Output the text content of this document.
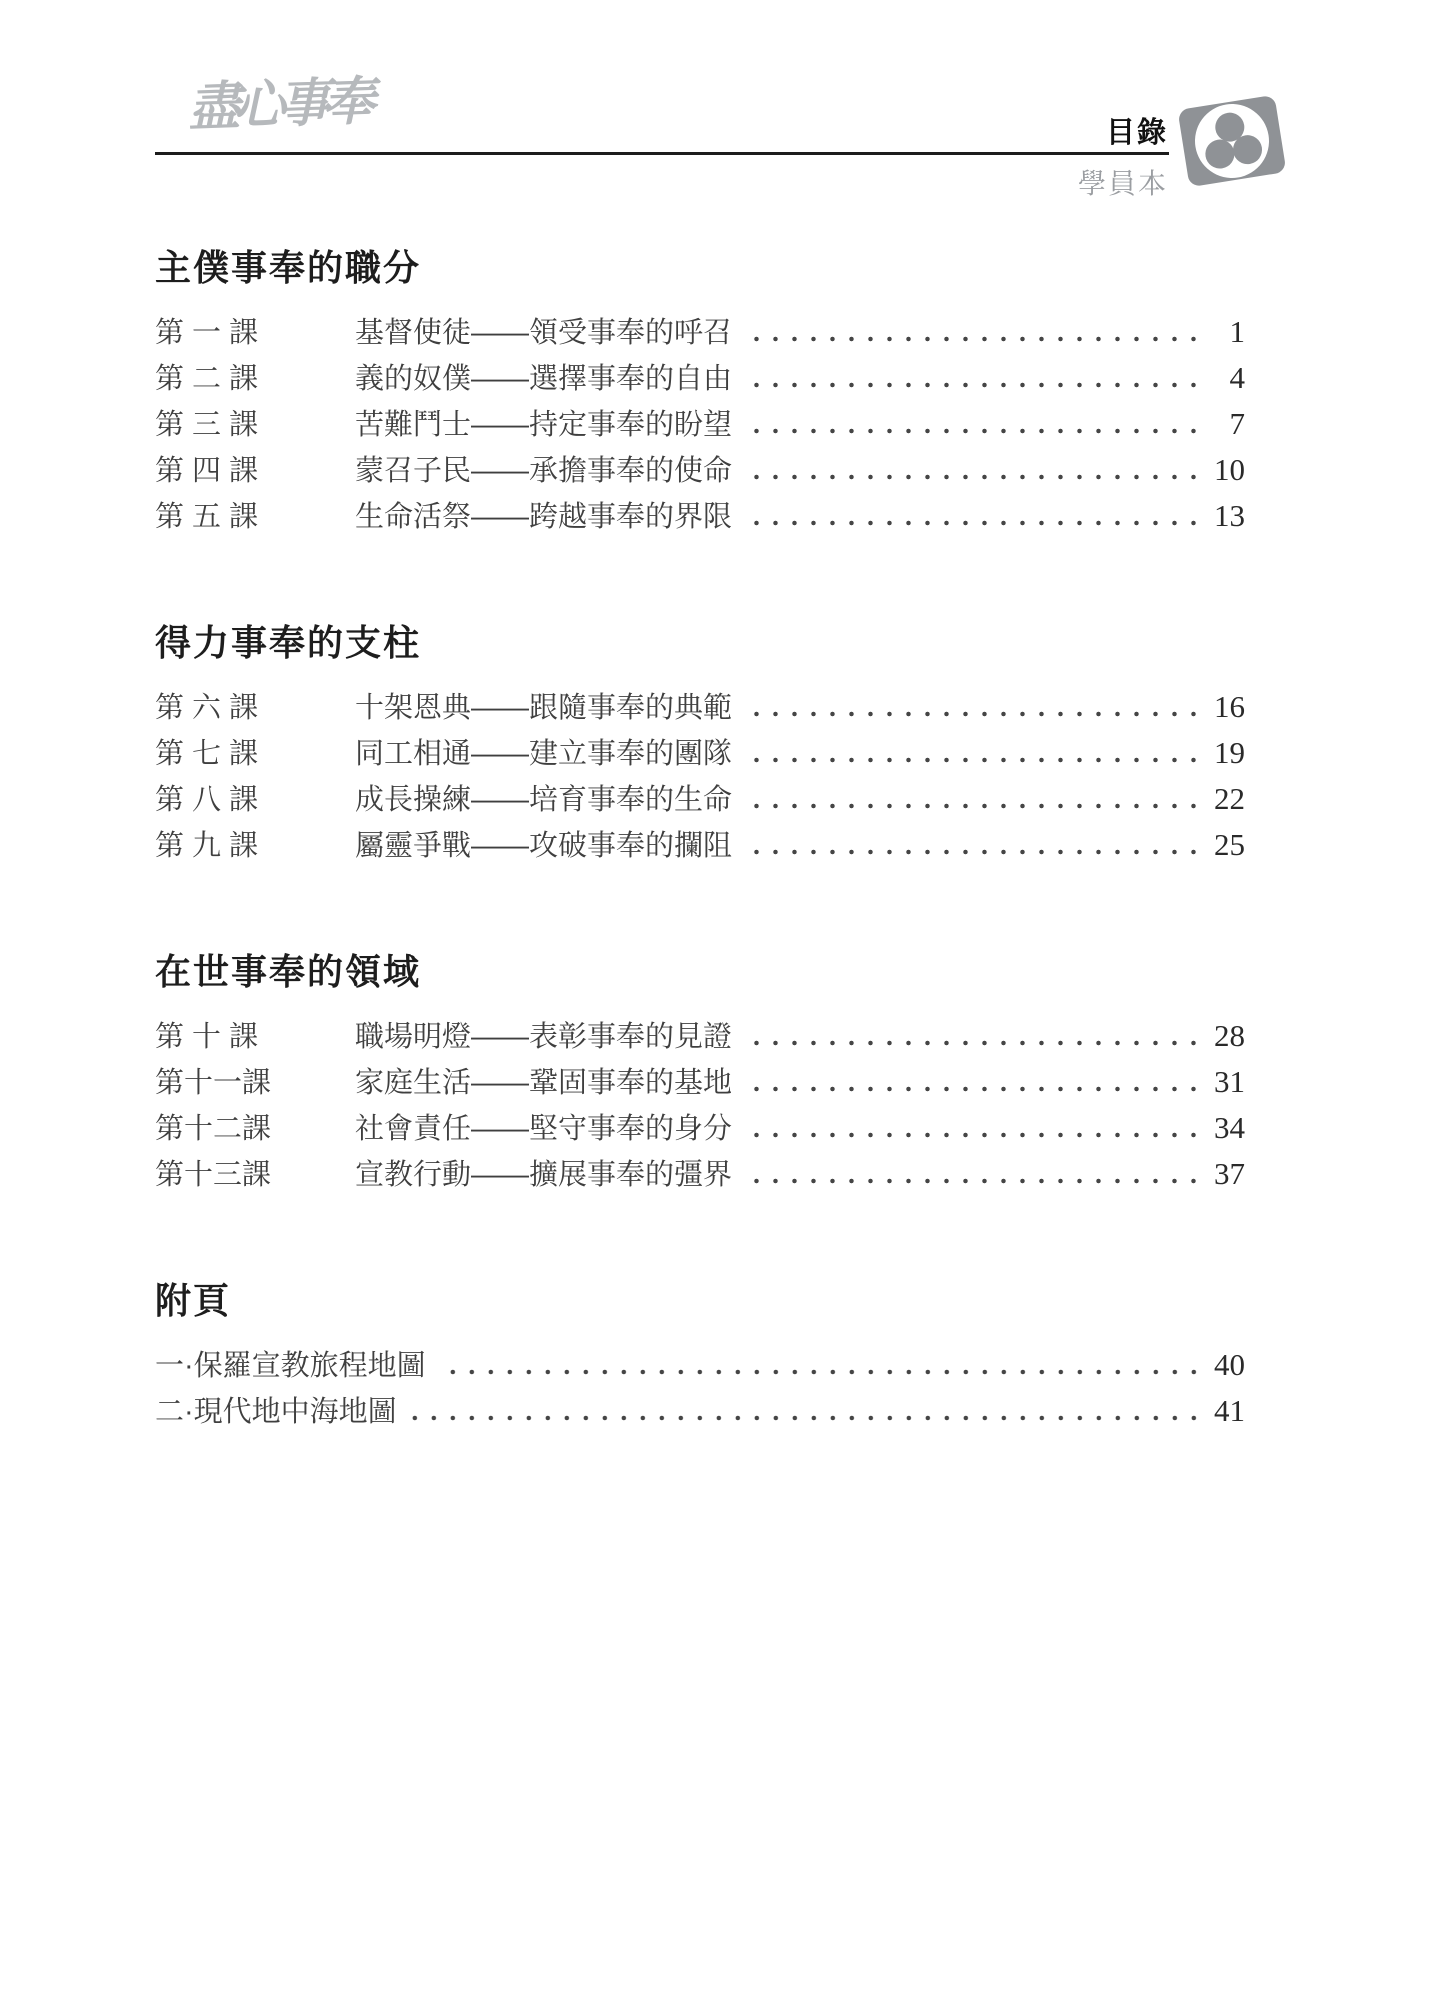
盡心事奉	目錄
學員本
主僕事奉的職分
第 一 課	基督使徒——領受事奉的呼召	1
第 二 課	義的奴僕——選擇事奉的自由	4
第 三 課	苦難鬥士——持定事奉的盼望	7
第 四 課	蒙召子民——承擔事奉的使命	10
第 五 課	生命活祭——跨越事奉的界限	13
得力事奉的支柱
第 六 課	十架恩典——跟隨事奉的典範	16
第 七 課	同工相通——建立事奉的團隊	19
第 八 課	成長操練——培育事奉的生命	22
第 九 課	屬靈爭戰——攻破事奉的攔阻	25
在世事奉的領域
第 十 課	職場明燈——表彰事奉的見證	28
第十一課	家庭生活——鞏固事奉的基地	31
第十二課	社會責任——堅守事奉的身分	34
第十三課	宣教行動——擴展事奉的彊界	37
附頁
一·保羅宣教旅程地圖	40
二·現代地中海地圖	41
